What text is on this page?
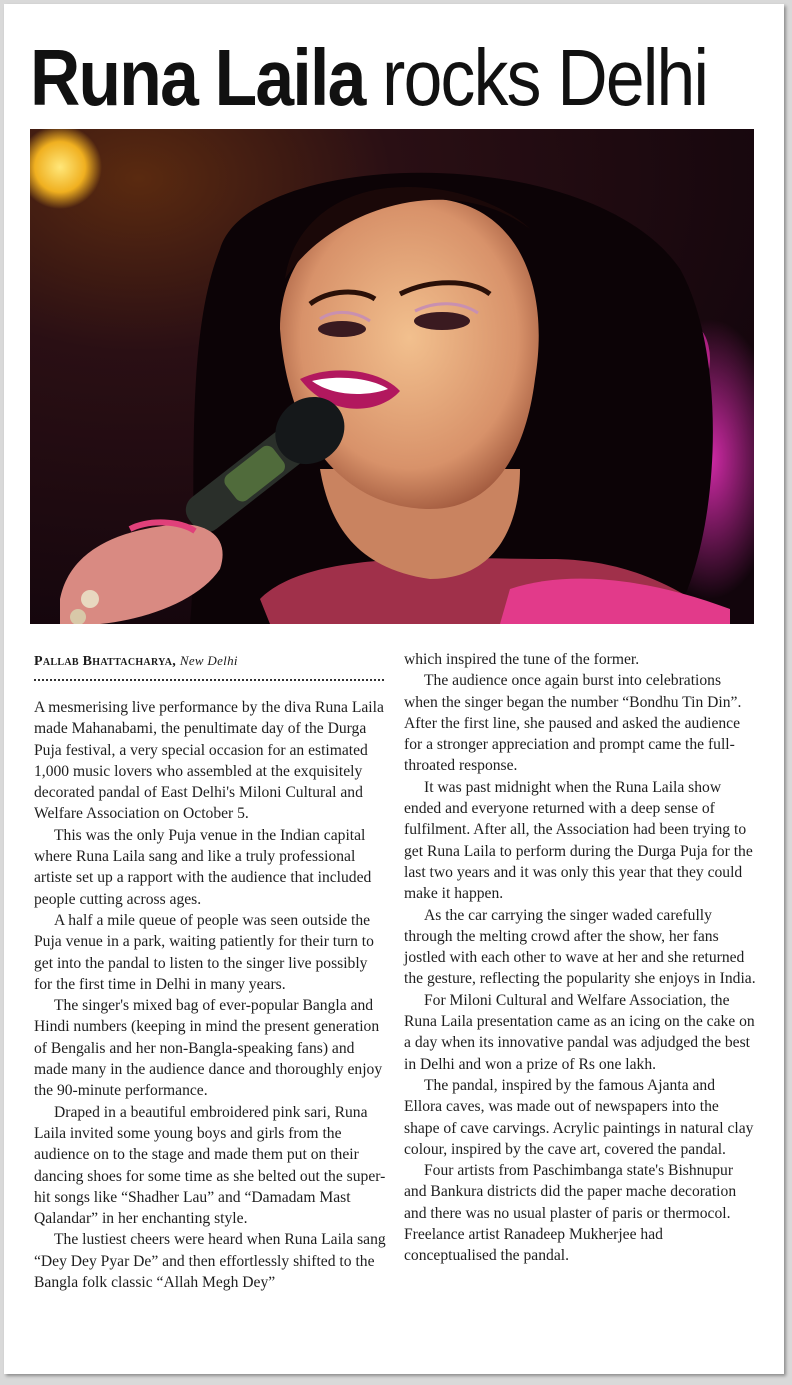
Runa Laila rocks Delhi
Pallab Bhattacharya, New Delhi

A mesmerising live performance by the diva Runa Laila made Mahanabami, the penultimate day of the Durga Puja festival, a very special occasion for an estimated 1,000 music lovers who assembled at the exquisitely decorated pandal of East Delhi's Miloni Cultural and Welfare Association on October 5.

This was the only Puja venue in the Indian capital where Runa Laila sang and like a truly professional artiste set up a rapport with the audience that included people cutting across ages.

A half a mile queue of people was seen outside the Puja venue in a park, waiting patiently for their turn to get into the pandal to listen to the singer live possibly for the first time in Delhi in many years.

The singer's mixed bag of ever-popular Bangla and Hindi numbers (keeping in mind the present generation of Bengalis and her non-Bangla-speaking fans) and made many in the audience dance and thoroughly enjoy the 90-minute performance.

Draped in a beautiful embroidered pink sari, Runa Laila invited some young boys and girls from the audience on to the stage and made them put on their dancing shoes for some time as she belted out the super-hit songs like “Shadher Lau” and “Damadam Mast Qalandar” in her enchanting style.

The lustiest cheers were heard when Runa Laila sang “Dey Dey Pyar De” and then effortlessly shifted to the Bangla folk classic “Allah Megh Dey”

which inspired the tune of the former.

The audience once again burst into celebrations when the singer began the number “Bondhu Tin Din”. After the first line, she paused and asked the audience for a stronger appreciation and prompt came the full-throated response.

It was past midnight when the Runa Laila show ended and everyone returned with a deep sense of fulfilment. After all, the Association had been trying to get Runa Laila to perform during the Durga Puja for the last two years and it was only this year that they could make it happen.

As the car carrying the singer waded carefully through the melting crowd after the show, her fans jostled with each other to wave at her and she returned the gesture, reflecting the popularity she enjoys in India.

For Miloni Cultural and Welfare Association, the Runa Laila presentation came as an icing on the cake on a day when its innovative pandal was adjudged the best in Delhi and won a prize of Rs one lakh.

The pandal, inspired by the famous Ajanta and Ellora caves, was made out of newspapers into the shape of cave carvings. Acrylic paintings in natural clay colour, inspired by the cave art, covered the pandal.

Four artists from Paschimbanga state's Bishnupur and Bankura districts did the paper mache decoration and there was no usual plaster of paris or thermocol. Freelance artist Ranadeep Mukherjee had conceptualised the pandal.
